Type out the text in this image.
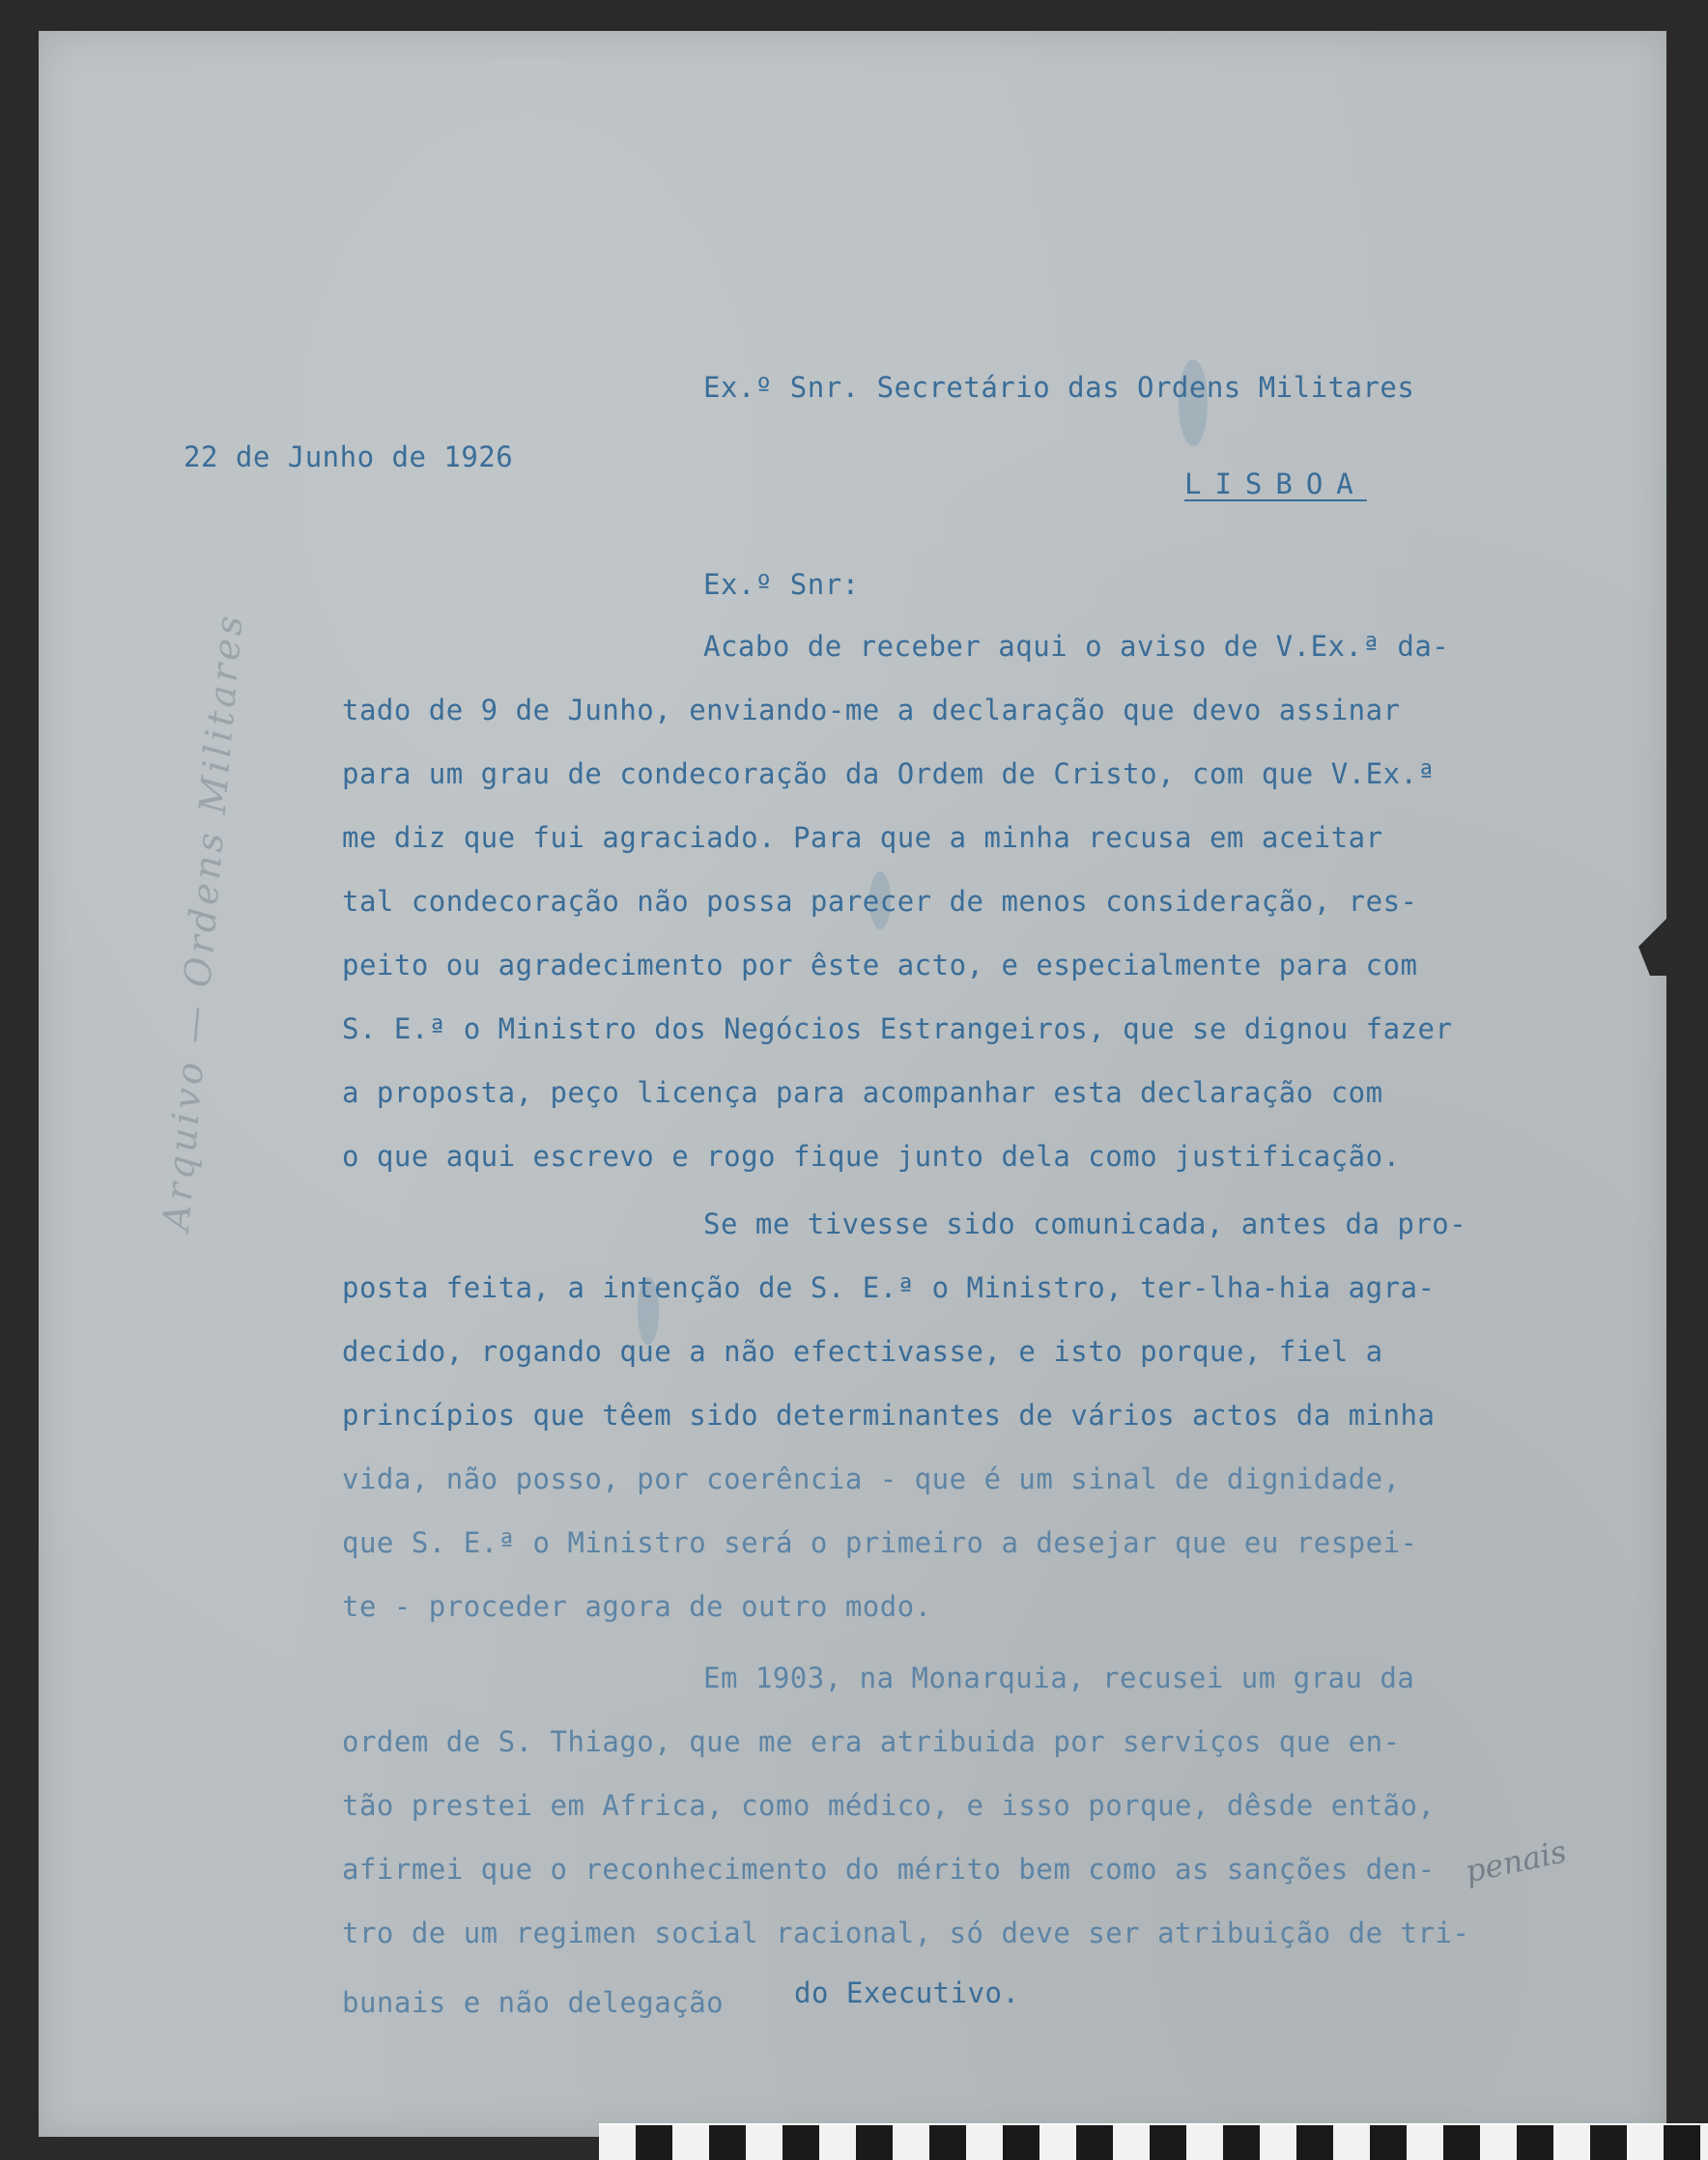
Arquivo — Ordens Militares
penais
Ex.º Snr. Secretário das Ordens Militares
22 de Junho de 1926
LISBOA
Ex.º Snr:
Acabo de receber aqui o aviso de V.Ex.ª da-
tado de 9 de Junho, enviando-me a declaração que devo assinar
para um grau de condecoração da Ordem de Cristo, com que V.Ex.ª
me diz que fui agraciado. Para que a minha recusa em aceitar
tal condecoração não possa parecer de menos consideração, res-
peito ou agradecimento por êste acto, e especialmente para com
S. E.ª o Ministro dos Negócios Estrangeiros, que se dignou fazer
a proposta, peço licença para acompanhar esta declaração com
o que aqui escrevo e rogo fique junto dela como justificação.
Se me tivesse sido comunicada, antes da pro-
posta feita, a intenção de S. E.ª o Ministro, ter-lha-hia agra-
decido, rogando que a não efectivasse, e isto porque, fiel a
princípios que têem sido determinantes de vários actos da minha
vida, não posso, por coerência - que é um sinal de dignidade,
que S. E.ª o Ministro será o primeiro a desejar que eu respei-
te - proceder agora de outro modo.
Em 1903, na Monarquia, recusei um grau da
ordem de S. Thiago, que me era atribuida por serviços que en-
tão prestei em Africa, como médico, e isso porque, dêsde então,
afirmei que o reconhecimento do mérito bem como as sanções den-
tro de um regimen social racional, só deve ser atribuição de tri-
bunais e não delegação	do Executivo.
